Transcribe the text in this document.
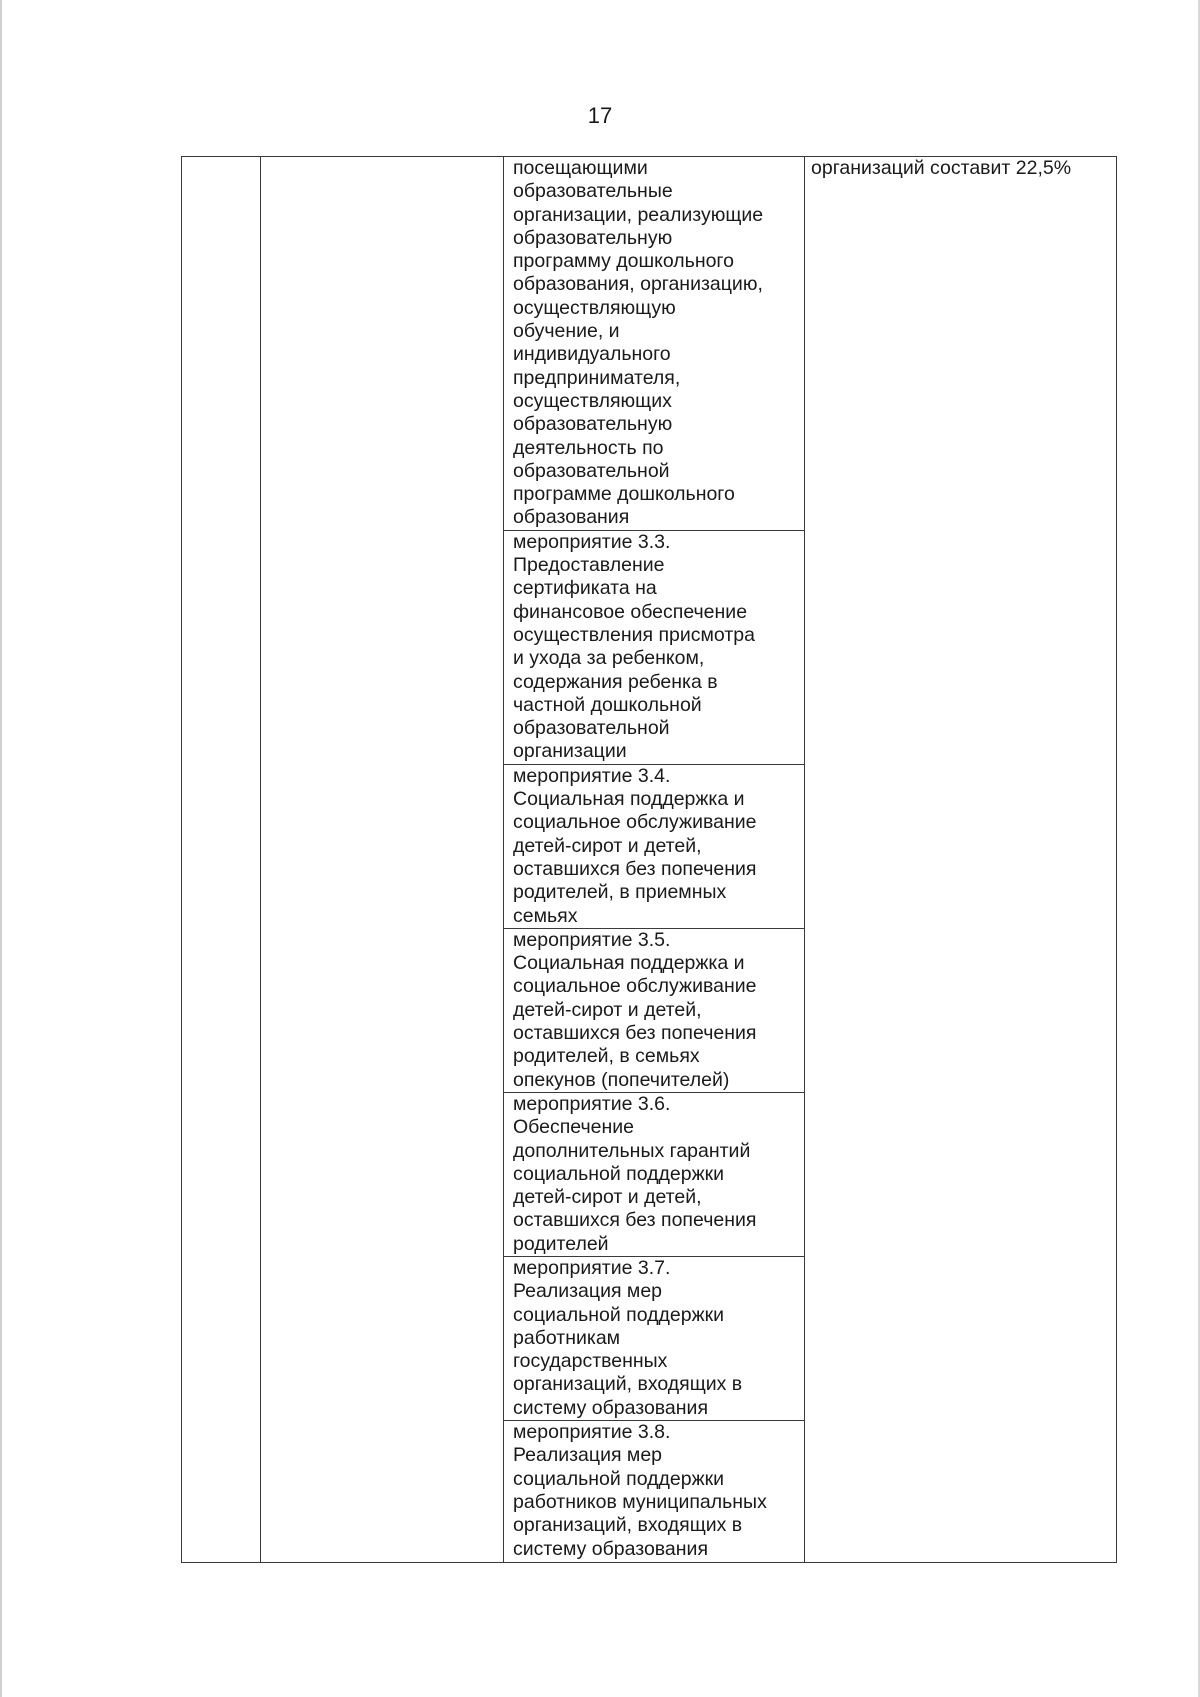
17
		посещающими
образовательные
организации, реализующие
образовательную
программу дошкольного
образования, организацию,
осуществляющую
обучение, и
индивидуального
предпринимателя,
осуществляющих
образовательную
деятельность по
образовательной
программе дошкольного
образования	организаций составит 22,5%
мероприятие 3.3.
Предоставление
сертификата на
финансовое обеспечение
осуществления присмотра
и ухода за ребенком,
содержания ребенка в
частной дошкольной
образовательной
организации
мероприятие 3.4.
Социальная поддержка и
социальное обслуживание
детей-сирот и детей,
оставшихся без попечения
родителей, в приемных
семьях
мероприятие 3.5.
Социальная поддержка и
социальное обслуживание
детей-сирот и детей,
оставшихся без попечения
родителей, в семьях
опекунов (попечителей)
мероприятие 3.6.
Обеспечение
дополнительных гарантий
социальной поддержки
детей-сирот и детей,
оставшихся без попечения
родителей
мероприятие 3.7.
Реализация мер
социальной поддержки
работникам
государственных
организаций, входящих в
систему образования
мероприятие 3.8.
Реализация мер
социальной поддержки
работников муниципальных
организаций, входящих в
систему образования
